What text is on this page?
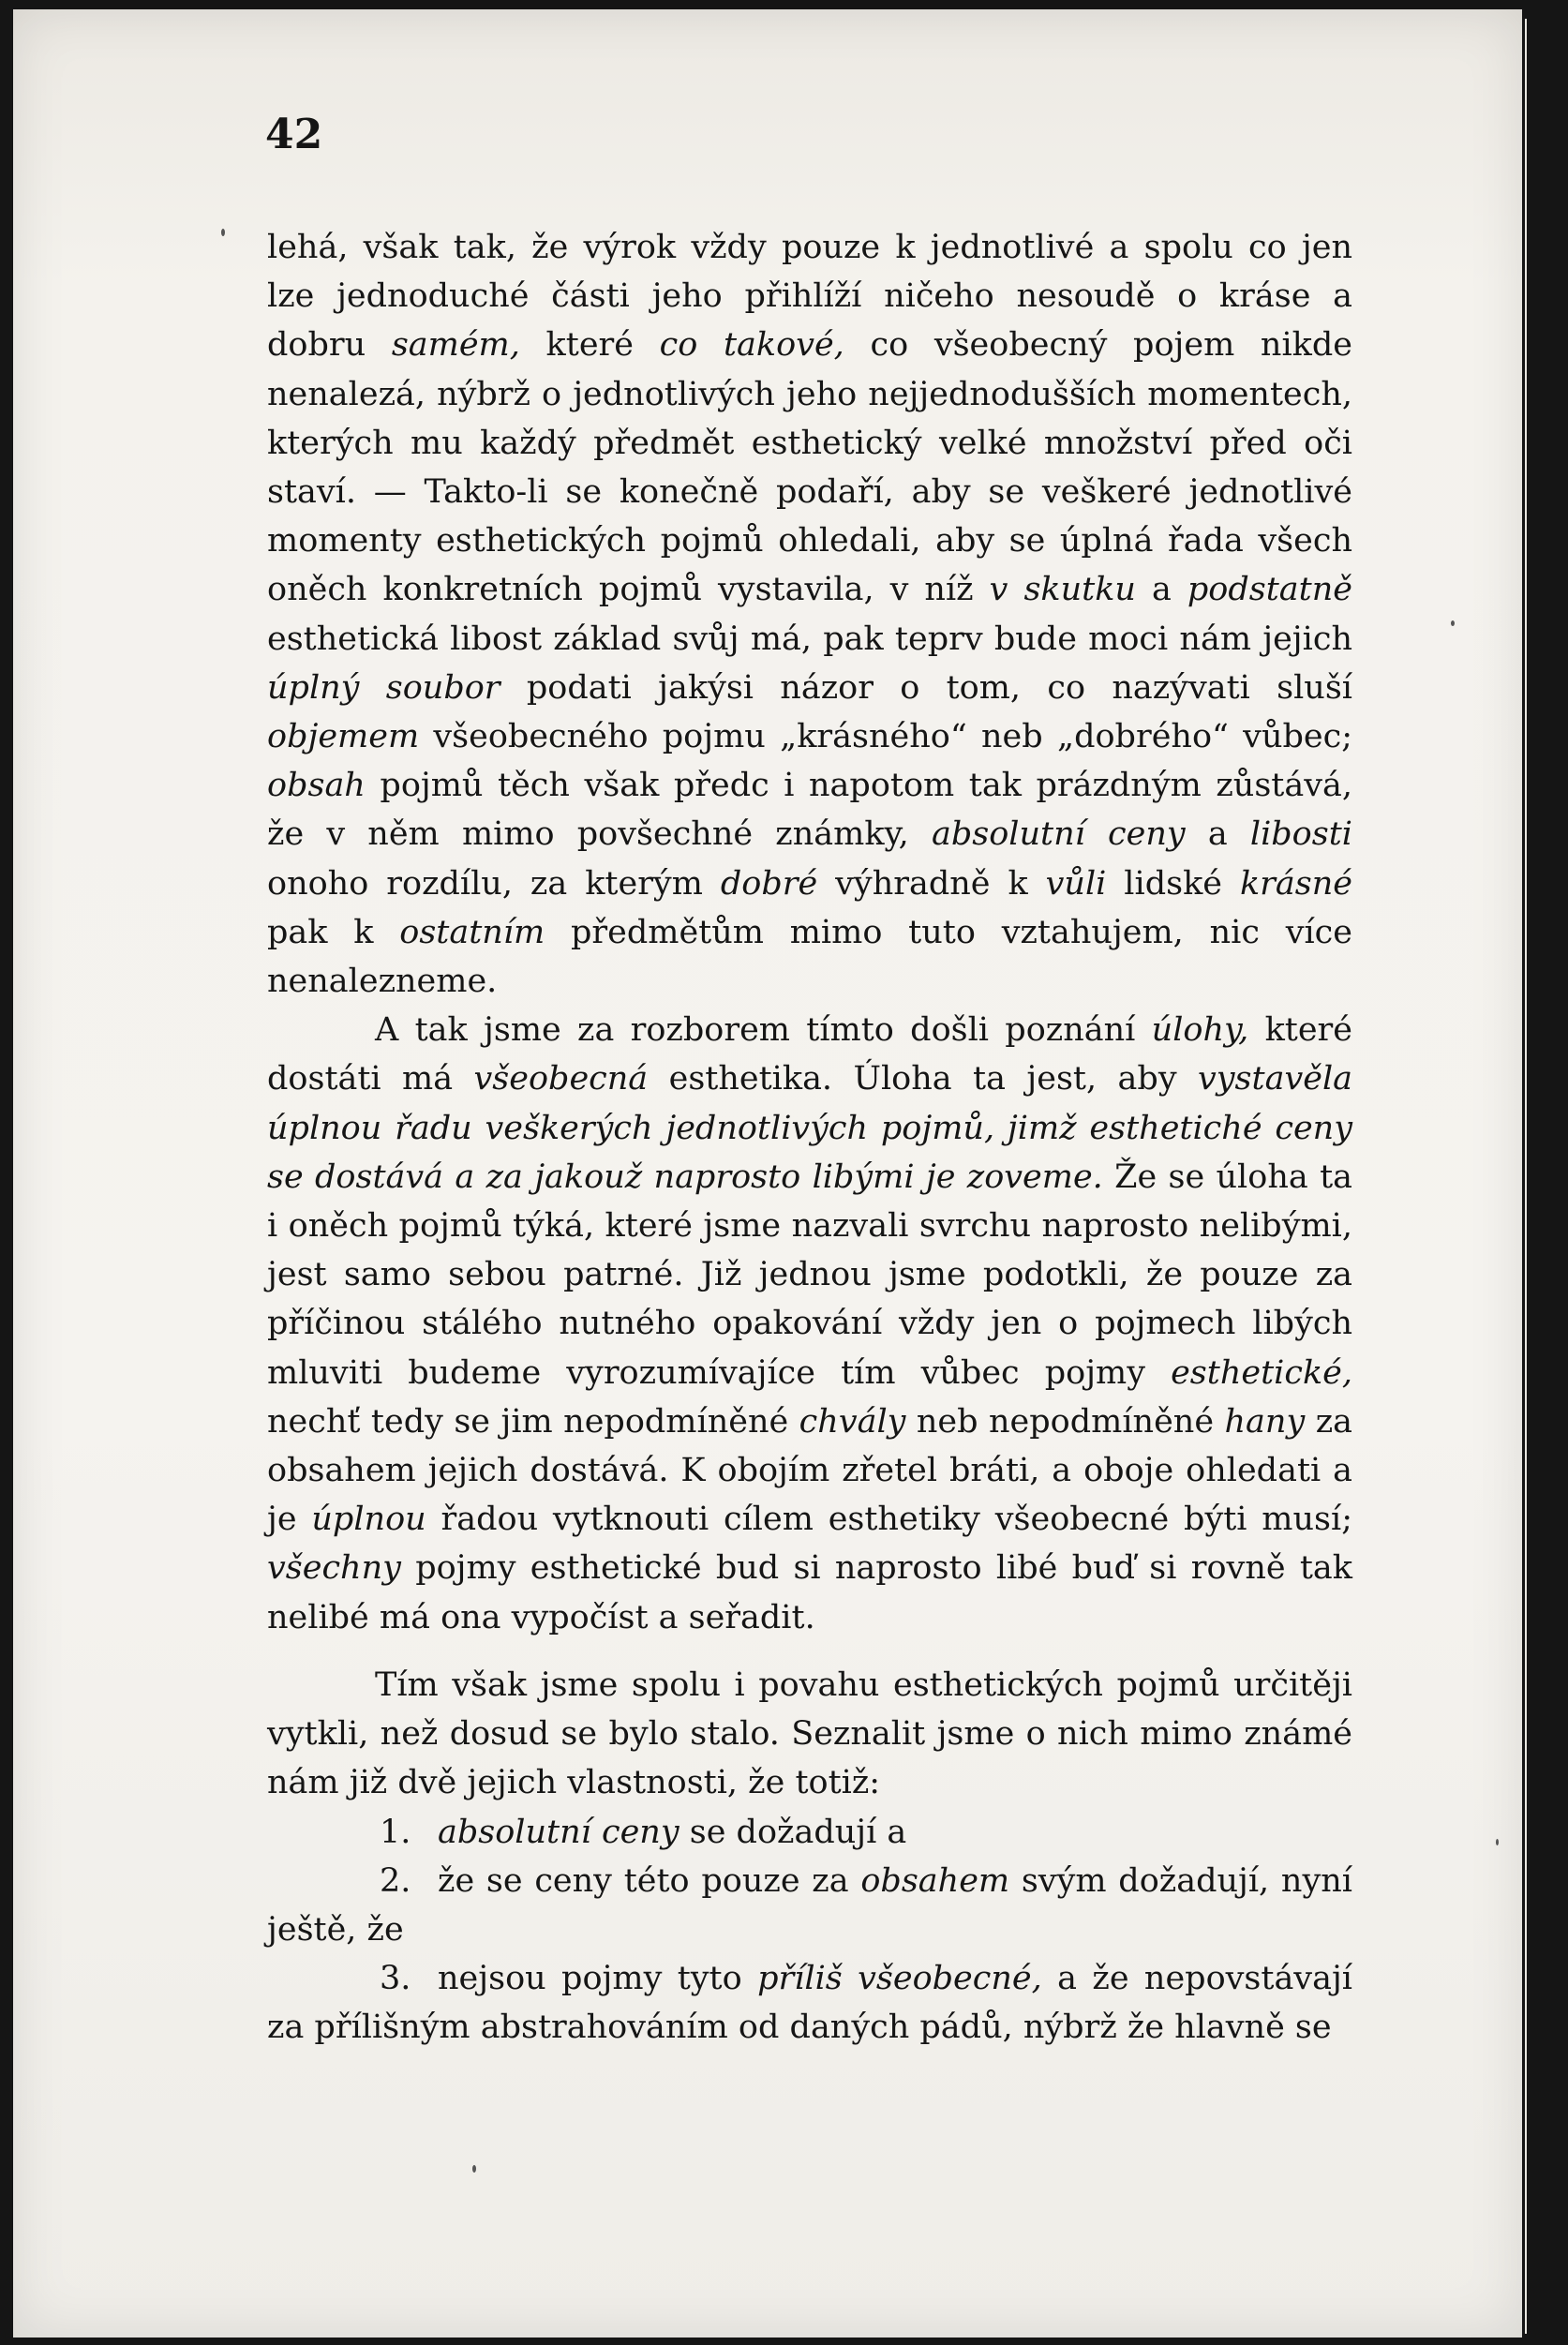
42

lehá, však tak, že výrok vždy pouze k jednotlivé a spolu co jen lze jednoduché části jeho přihlíží ničeho nesoudě o kráse a dobru samém, které co takové, co všeobecný pojem nikde nenalezá, nýbrž o jednotlivých jeho nejjednodušších momentech, kterých mu každý předmět esthetický velké množství před oči staví. — Takto-li se konečně podaří, aby se veškeré jednotlivé momenty esthetických pojmů ohledali, aby se úplná řada všech oněch konkretních pojmů vystavila, v níž v skutku a podstatně esthetická libost základ svůj má, pak teprv bude moci nám jejich úplný soubor podati jakýsi názor o tom, co nazývati sluší objemem všeobecného pojmu „krásného“ neb „dobrého“ vůbec; obsah pojmů těch však předc i napotom tak prázdným zůstává, že v něm mimo povšechné známky, absolutní ceny a libosti onoho rozdílu, za kterým dobré výhradně k vůli lidské krásné pak k ostatním předmětům mimo tuto vztahujem, nic více nenalezneme.

A tak jsme za rozborem tímto došli poznání úlohy, které dostáti má všeobecná esthetika. Úloha ta jest, aby vystavěla úplnou řadu veškerých jednotlivých pojmů, jimž esthetiché ceny se dostává a za jakouž naprosto libými je zoveme. Že se úloha ta i oněch pojmů týká, které jsme nazvali svrchu naprosto nelibými, jest samo sebou patrné. Již jednou jsme podotkli, že pouze za příčinou stálého nutného opakování vždy jen o pojmech libých mluviti budeme vyrozumívajíce tím vůbec pojmy esthetické, nechť tedy se jim nepodmíněné chvály neb nepodmíněné hany za obsahem jejich dostává. K obojím zřetel bráti, a oboje ohledati a je úplnou řadou vytknouti cílem esthetiky všeobecné býti musí; všechny pojmy esthetické bud si naprosto libé buď si rovně tak nelibé má ona vypočíst a seřadit.

Tím však jsme spolu i povahu esthetických pojmů určitěji vytkli, než dosud se bylo stalo. Seznalit jsme o nich mimo známé nám již dvě jejich vlastnosti, že totiž:

1. absolutní ceny se dožadují a

2. že se ceny této pouze za obsahem svým dožadují, nyní ještě, že

3. nejsou pojmy tyto příliš všeobecné, a že nepovstávají za přílišným abstrahováním od daných pádů, nýbrž že hlavně se
